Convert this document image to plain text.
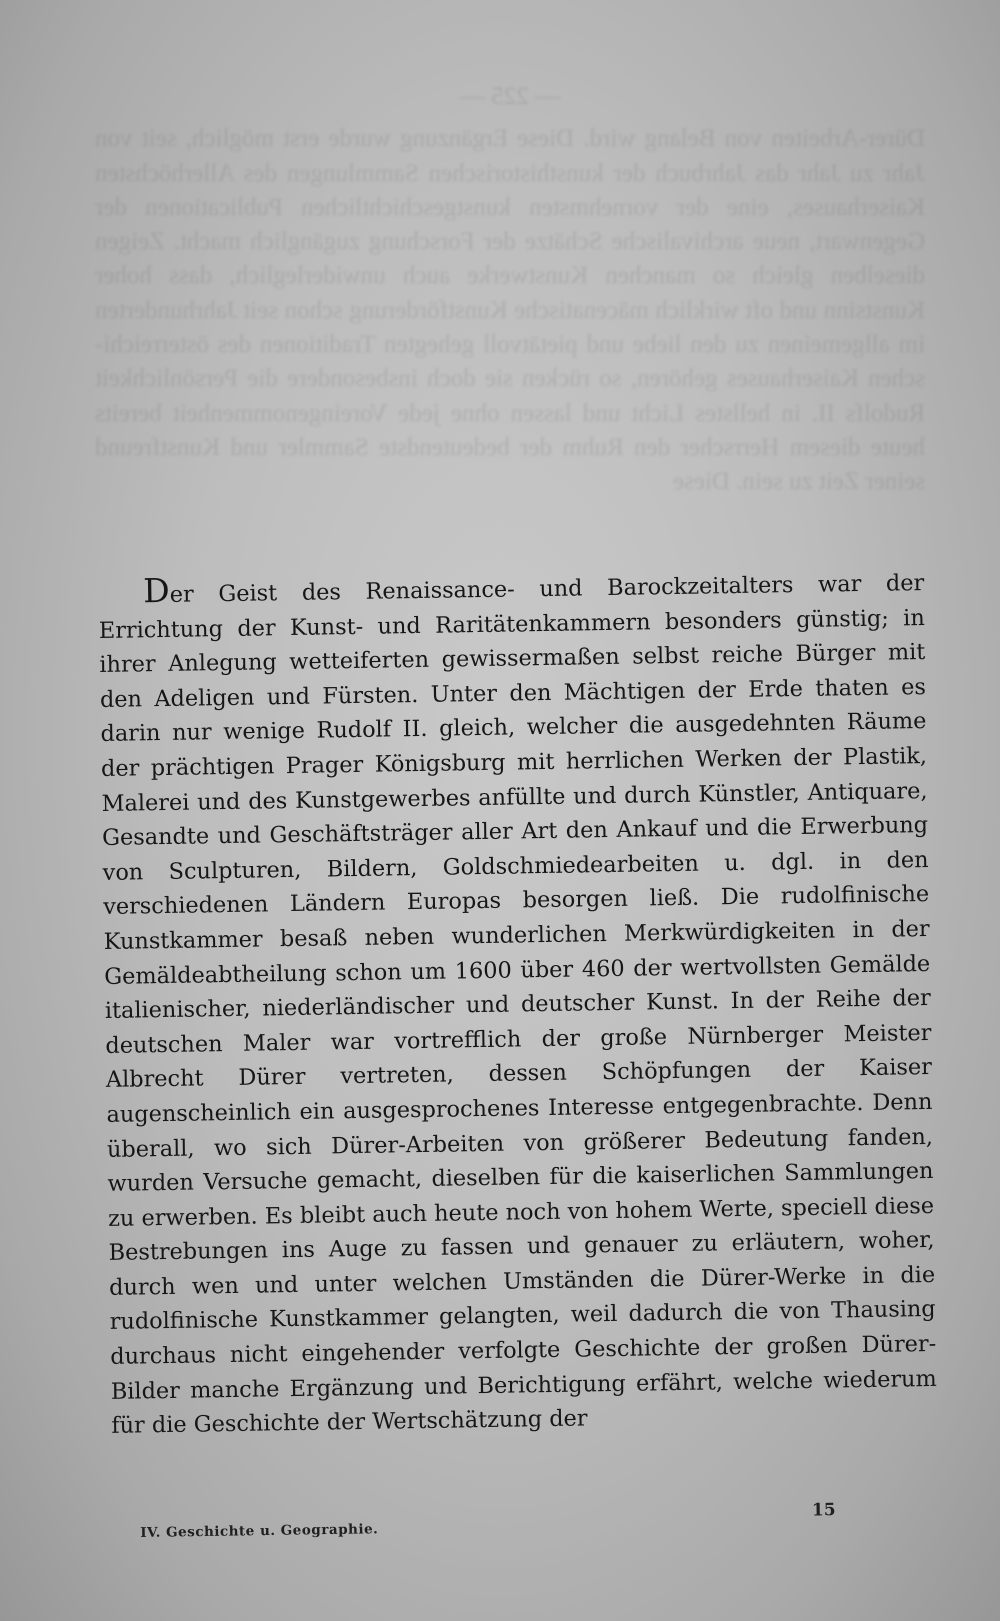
— 225 —
Dürer-Arbeiten von Belang wird. Diese Ergänzung wurde erst möglich, seit von Jahr zu Jahr das Jahrbuch der kunsthistorischen Sammlungen des Allerhöchsten Kaiserhauses, eine der vornehmsten kunstgeschichtlichen Publicationen der Gegenwart, neue archivalische Schätze der Forschung zugänglich macht. Zeigen dieselben gleich so manchen Kunstwerke auch unwiderleglich, dass hoher Kunstsinn und oft wirklich mäcenatische Kunstförderung schon seit Jahrhunderten im allgemeinen zu den liebe und pietätvoll gehegten Traditionen des österreichischen Kaiserhauses gehören, so rücken sie doch insbesondere die Persönlichkeit Rudolfs II. in hellstes Licht und lassen ohne jede Voreingenommenheit bereits heute diesem Herrscher den Ruhm der bedeutendste Sammler und Kunstfreund seiner Zeit zu sein. Diese

Der Geist des Renaissance- und Barockzeitalters war der Errichtung der Kunst- und Raritätenkammern besonders günstig; in ihrer Anlegung wetteiferten gewissermaßen selbst reiche Bürger mit den Adeligen und Fürsten. Unter den Mächtigen der Erde thaten es darin nur wenige Rudolf II. gleich, welcher die ausgedehnten Räume der prächtigen Prager Königsburg mit herrlichen Werken der Plastik, Malerei und des Kunstgewerbes anfüllte und durch Künstler, Antiquare, Gesandte und Geschäftsträger aller Art den Ankauf und die Erwerbung von Sculpturen, Bildern, Goldschmiedearbeiten u. dgl. in den verschiedenen Ländern Europas besorgen ließ. Die rudolfinische Kunstkammer besaß neben wunderlichen Merkwürdigkeiten in der Gemäldeabtheilung schon um 1600 über 460 der wertvollsten Gemälde italienischer, niederländischer und deutscher Kunst. In der Reihe der deutschen Maler war vortrefflich der große Nürnberger Meister Albrecht Dürer vertreten, dessen Schöpfungen der Kaiser augenscheinlich ein ausgesprochenes Interesse entgegenbrachte. Denn überall, wo sich Dürer-Arbeiten von größerer Bedeutung fanden, wurden Versuche gemacht, dieselben für die kaiserlichen Sammlungen zu erwerben. Es bleibt auch heute noch von hohem Werte, speciell diese Bestrebungen ins Auge zu fassen und genauer zu erläutern, woher, durch wen und unter welchen Umständen die Dürer-Werke in die rudolfinische Kunstkammer gelangten, weil dadurch die von Thausing durchaus nicht eingehender verfolgte Geschichte der großen Dürer-Bilder manche Ergänzung und Berichtigung erfährt, welche wiederum für die Geschichte der Wertschätzung der

IV. Geschichte u. Geographie.
15
